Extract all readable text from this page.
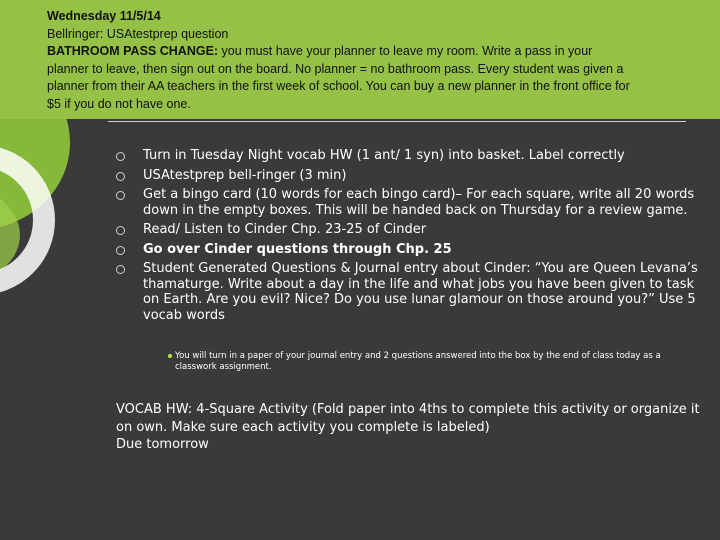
Wednesday 11/5/14
Bellringer: USAtestprep question
BATHROOM PASS CHANGE: you must have your planner to leave my room. Write a pass in your
planner to leave, then sign out on the board. No planner = no bathroom pass. Every student was given a
planner from their AA teachers in the first week of school. You can buy a new planner in the front office for
$5 if you do not have one.
Turn in Tuesday Night vocab HW (1 ant/ 1 syn) into basket. Label correctly
USAtestprep bell-ringer (3 min)
Get a bingo card (10 words for each bingo card)– For each square, write all 20 words down in the empty boxes. This will be handed back on Thursday for a review game.
Read/ Listen to Cinder Chp. 23-25 of Cinder
Go over Cinder questions through Chp. 25
Student Generated Questions & Journal entry about Cinder: “You are Queen Levana’s thamaturge. Write about a day in the life and what jobs you have been given to task on Earth. Are you evil? Nice? Do you use lunar glamour on those around you?” Use 5 vocab words
You will turn in a paper of your journal entry and 2 questions answered into the box by the end of class today as a classwork assignment.
VOCAB HW: 4-Square Activity (Fold paper into 4ths to complete this activity or organize it on own. Make sure each activity you complete is labeled)
Due tomorrow
